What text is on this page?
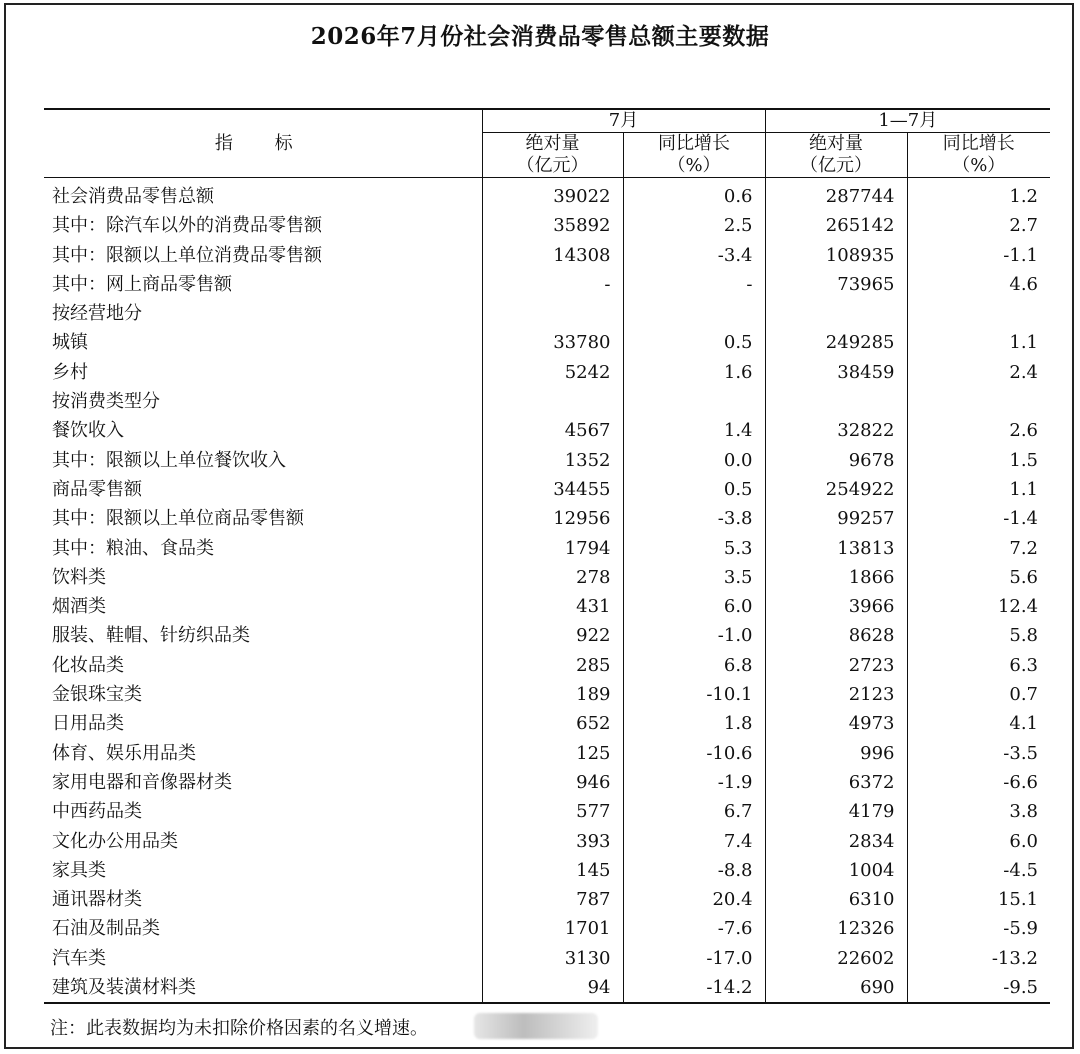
2026年7月份社会消费品零售总额主要数据
指 标	7月		1—7月	
	绝对量	同比增长	绝对量	同比增长
	（亿元）	（%）	（亿元）	（%）
社会消费品零售总额	39022	0.6	287744	1.2
其中：除汽车以外的消费品零售额	35892	2.5	265142	2.7
其中：限额以上单位消费品零售额	14308	-3.4	108935	-1.1
其中：网上商品零售额	-	-	73965	4.6
按经营地分				
城镇	33780	0.5	249285	1.1
乡村	5242	1.6	38459	2.4
按消费类型分				
餐饮收入	4567	1.4	32822	2.6
其中：限额以上单位餐饮收入	1352	0.0	9678	1.5
商品零售额	34455	0.5	254922	1.1
其中：限额以上单位商品零售额	12956	-3.8	99257	-1.4
其中：粮油、食品类	1794	5.3	13813	7.2
饮料类	278	3.5	1866	5.6
烟酒类	431	6.0	3966	12.4
服装、鞋帽、针纺织品类	922	-1.0	8628	5.8
化妆品类	285	6.8	2723	6.3
金银珠宝类	189	-10.1	2123	0.7
日用品类	652	1.8	4973	4.1
体育、娱乐用品类	125	-10.6	996	-3.5
家用电器和音像器材类	946	-1.9	6372	-6.6
中西药品类	577	6.7	4179	3.8
文化办公用品类	393	7.4	2834	6.0
家具类	145	-8.8	1004	-4.5
通讯器材类	787	20.4	6310	15.1
石油及制品类	1701	-7.6	12326	-5.9
汽车类	3130	-17.0	22602	-13.2
建筑及装潢材料类	94	-14.2	690	-9.5
注：此表数据均为未扣除价格因素的名义增速。
